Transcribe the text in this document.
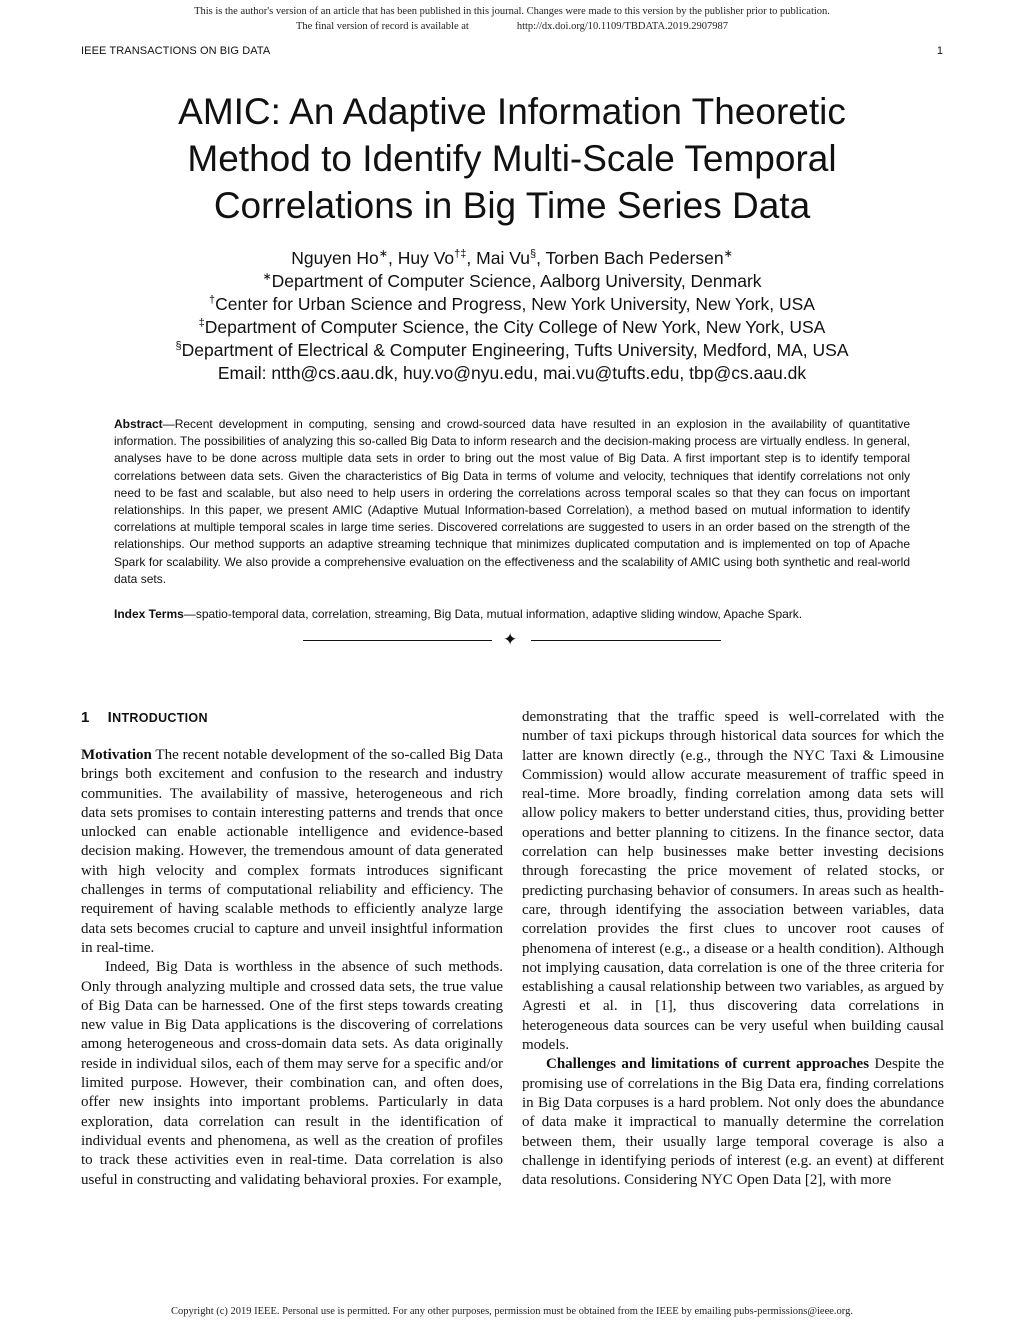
This is the author's version of an article that has been published in this journal. Changes were made to this version by the publisher prior to publication.
The final version of record is available at	http://dx.doi.org/10.1109/TBDATA.2019.2907987
IEEE TRANSACTIONS ON BIG DATA	1
AMIC: An Adaptive Information Theoretic
Method to Identify Multi-Scale Temporal
Correlations in Big Time Series Data
Nguyen Ho∗, Huy Vo†‡, Mai Vu§, Torben Bach Pedersen∗
∗Department of Computer Science, Aalborg University, Denmark
†Center for Urban Science and Progress, New York University, New York, USA
‡Department of Computer Science, the City College of New York, New York, USA
§Department of Electrical & Computer Engineering, Tufts University, Medford, MA, USA
Email: ntth@cs.aau.dk, huy.vo@nyu.edu, mai.vu@tufts.edu, tbp@cs.aau.dk
Abstract—Recent development in computing, sensing and crowd-sourced data have resulted in an explosion in the availability of quantitative information. The possibilities of analyzing this so-called Big Data to inform research and the decision-making process are virtually endless. In general, analyses have to be done across multiple data sets in order to bring out the most value of Big Data. A first important step is to identify temporal correlations between data sets. Given the characteristics of Big Data in terms of volume and velocity, techniques that identify correlations not only need to be fast and scalable, but also need to help users in ordering the correlations across temporal scales so that they can focus on important relationships. In this paper, we present AMIC (Adaptive Mutual Information-based Correlation), a method based on mutual information to identify correlations at multiple temporal scales in large time series. Discovered correlations are suggested to users in an order based on the strength of the relationships. Our method supports an adaptive streaming technique that minimizes duplicated computation and is implemented on top of Apache Spark for scalability. We also provide a comprehensive evaluation on the effectiveness and the scalability of AMIC using both synthetic and real-world data sets.
Index Terms—spatio-temporal data, correlation, streaming, Big Data, mutual information, adaptive sliding window, Apache Spark.
✦
1 INTRODUCTION

Motivation The recent notable development of the so-called Big Data brings both excitement and confusion to the research and industry communities. The availability of massive, heterogeneous and rich data sets promises to contain interesting patterns and trends that once unlocked can enable actionable intelligence and evidence-based decision making. However, the tremendous amount of data generated with high velocity and complex formats introduces significant challenges in terms of computational reliability and efficiency. The requirement of having scalable methods to efficiently analyze large data sets becomes crucial to capture and unveil insightful information in real-time.

Indeed, Big Data is worthless in the absence of such methods. Only through analyzing multiple and crossed data sets, the true value of Big Data can be harnessed. One of the first steps towards creating new value in Big Data applications is the discovering of correlations among heterogeneous and cross-domain data sets. As data originally reside in individual silos, each of them may serve for a specific and/or limited purpose. However, their combination can, and often does, offer new insights into important problems. Particularly in data exploration, data correlation can result in the identification of individual events and phenomena, as well as the creation of profiles to track these activities even in real-time. Data correlation is also useful in constructing and validating behavioral proxies. For example,

demonstrating that the traffic speed is well-correlated with the number of taxi pickups through historical data sources for which the latter are known directly (e.g., through the NYC Taxi & Limousine Commission) would allow accurate measurement of traffic speed in real-time. More broadly, finding correlation among data sets will allow policy makers to better understand cities, thus, providing better operations and better planning to citizens. In the finance sector, data correlation can help businesses make better investing decisions through forecasting the price movement of related stocks, or predicting purchasing behavior of consumers. In areas such as health-care, through identifying the association between variables, data correlation provides the first clues to uncover root causes of phenomena of interest (e.g., a disease or a health condition). Although not implying causation, data correlation is one of the three criteria for establishing a causal relationship between two variables, as argued by Agresti et al. in [1], thus discovering data correlations in heterogeneous data sources can be very useful when building causal models.

Challenges and limitations of current approaches Despite the promising use of correlations in the Big Data era, finding correlations in Big Data corpuses is a hard problem. Not only does the abundance of data make it impractical to manually determine the correlation between them, their usually large temporal coverage is also a challenge in identifying periods of interest (e.g. an event) at different data resolutions. Considering NYC Open Data [2], with more

Copyright (c) 2019 IEEE. Personal use is permitted. For any other purposes, permission must be obtained from the IEEE by emailing pubs-permissions@ieee.org.
